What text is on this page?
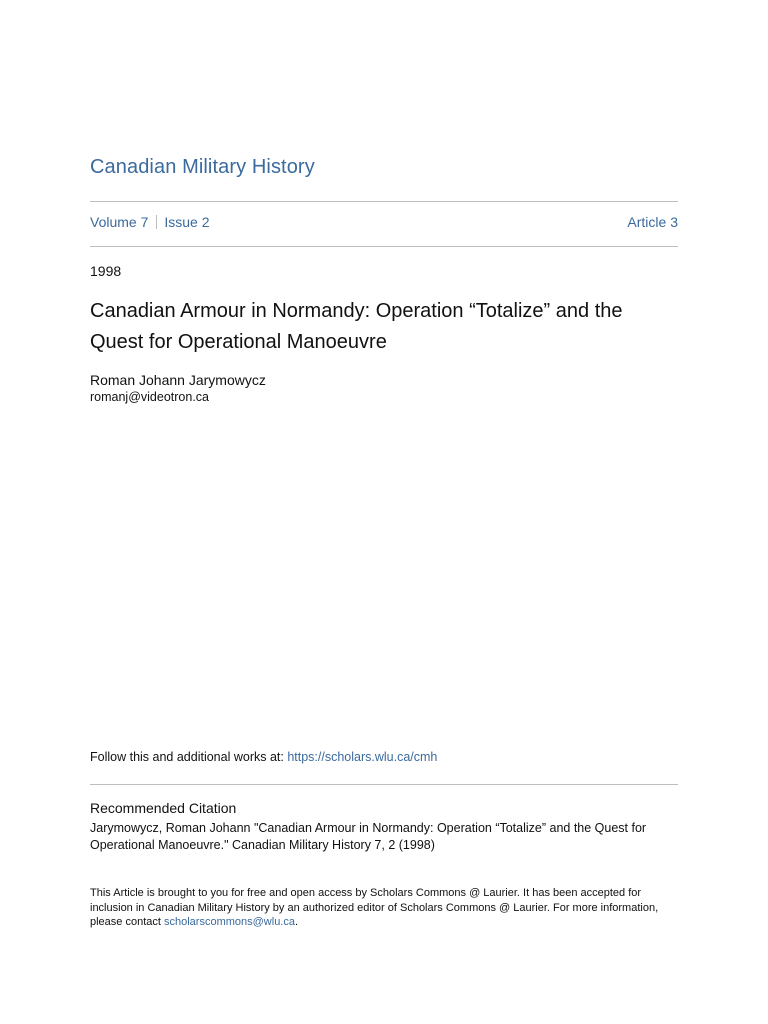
Canadian Military History
Volume 7 Issue 2	Article 3
1998
Canadian Armour in Normandy: Operation “Totalize” and the Quest for Operational Manoeuvre
Roman Johann Jarymowycz
romanj@videotron.ca
Follow this and additional works at: https://scholars.wlu.ca/cmh
Recommended Citation
Jarymowycz, Roman Johann "Canadian Armour in Normandy: Operation “Totalize” and the Quest for Operational Manoeuvre." Canadian Military History 7, 2 (1998)
This Article is brought to you for free and open access by Scholars Commons @ Laurier. It has been accepted for inclusion in Canadian Military History by an authorized editor of Scholars Commons @ Laurier. For more information, please contact scholarscommons@wlu.ca.
